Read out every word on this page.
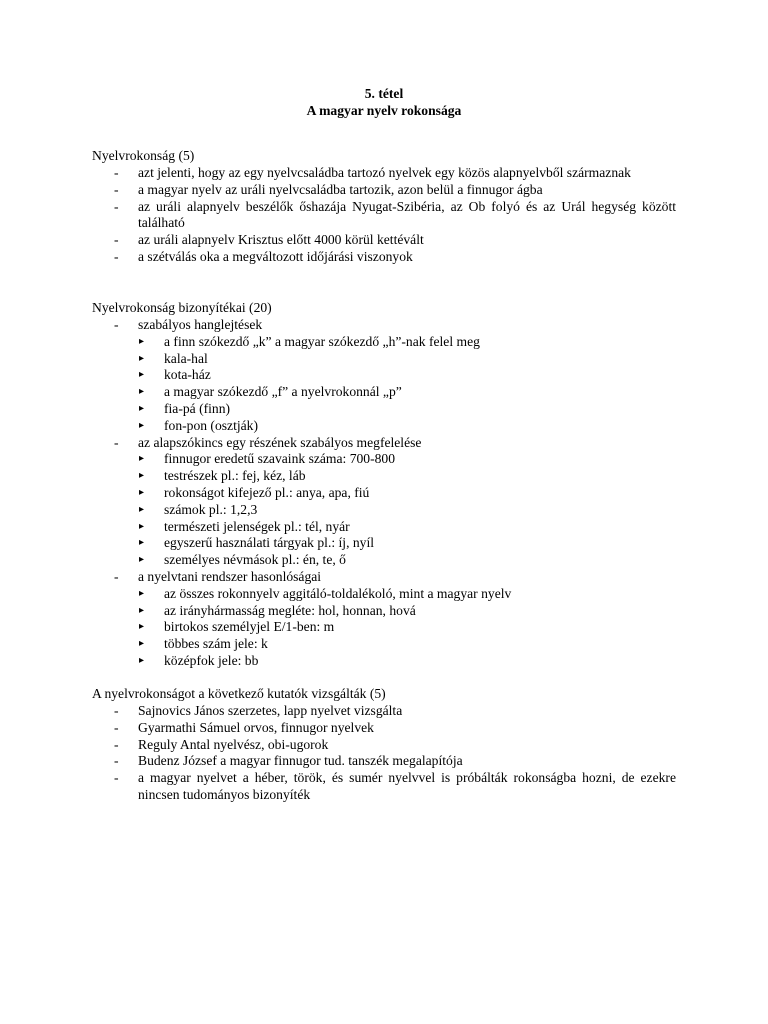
5. tétel
A magyar nyelv rokonsága
Nyelvrokonság (5)
- azt jelenti, hogy az egy nyelvcsaládba tartozó nyelvek egy közös alapnyelvből származnak
- a magyar nyelv az uráli nyelvcsaládba tartozik, azon belül a finnugor ágba
- az uráli alapnyelv beszélők őshazája Nyugat-Szibéria, az Ob folyó és az Urál hegység között található
- az uráli alapnyelv Krisztus előtt 4000 körül kettévált
- a szétválás oka a megváltozott időjárási viszonyok
Nyelvrokonság bizonyítékai (20)
- szabályos hanglejtések
▸ a finn szókezdő „k” a magyar szókezdő „h”-nak felel meg
▸ kala-hal
▸ kota-ház
▸ a magyar szókezdő „f” a nyelvrokonnál „p”
▸ fia-pá (finn)
▸ fon-pon (osztják)
- az alapszókincs egy részének szabályos megfelelése
▸ finnugor eredetű szavaink száma: 700-800
▸ testrészek pl.: fej, kéz, láb
▸ rokonságot kifejező pl.: anya, apa, fiú
▸ számok pl.: 1,2,3
▸ természeti jelenségek pl.: tél, nyár
▸ egyszerű használati tárgyak pl.: íj, nyíl
▸ személyes névmások pl.: én, te, ő
- a nyelvtani rendszer hasonlóságai
▸ az összes rokonnyelv aggitáló-toldalékoló, mint a magyar nyelv
▸ az irányhármasság megléte: hol, honnan, hová
▸ birtokos személyjel E/1-ben: m
▸ többes szám jele: k
▸ középfok jele: bb
A nyelvrokonságot a következő kutatók vizsgálták (5)
- Sajnovics János szerzetes, lapp nyelvet vizsgálta
- Gyarmathi Sámuel orvos, finnugor nyelvek
- Reguly Antal nyelvész, obi-ugorok
- Budenz József a magyar finnugor tud. tanszék megalapítója
- a magyar nyelvet a héber, török, és sumér nyelvvel is próbálták rokonságba hozni, de ezekre nincsen tudományos bizonyíték
